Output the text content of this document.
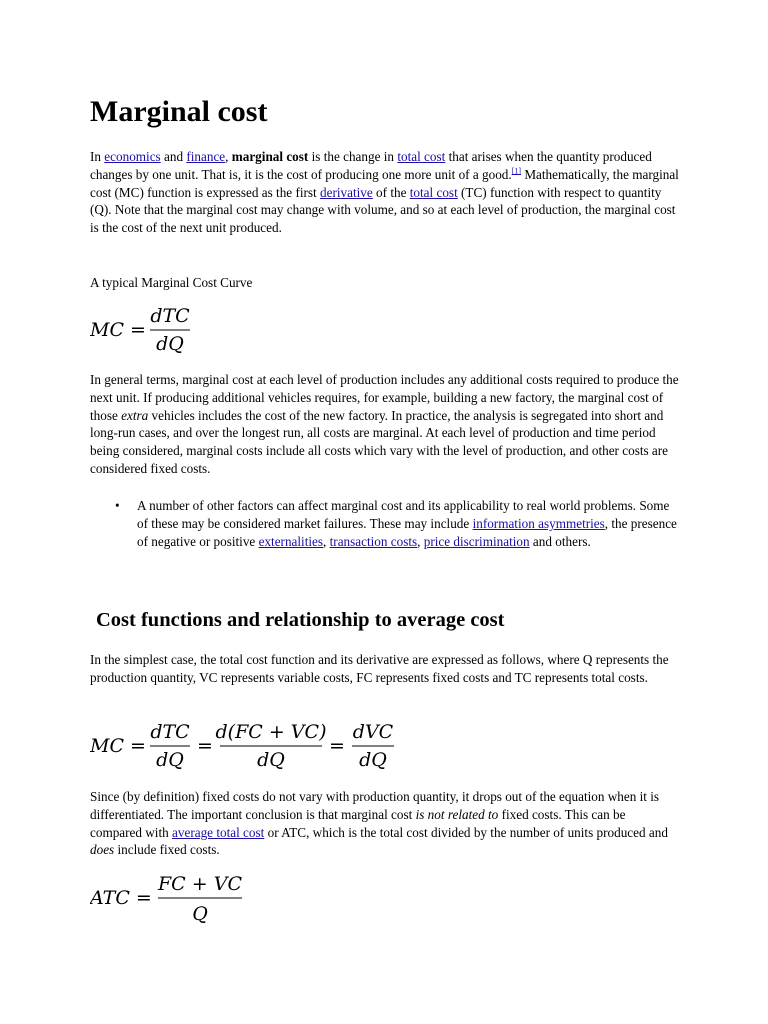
Marginal cost

In economics and finance, marginal cost is the change in total cost that arises when the quantity produced changes by one unit. That is, it is the cost of producing one more unit of a good.[1] Mathematically, the marginal cost (MC) function is expressed as the first derivative of the total cost (TC) function with respect to quantity (Q). Note that the marginal cost may change with volume, and so at each level of production, the marginal cost is the cost of the next unit produced.

A typical Marginal Cost Curve

MC =
dTC
dQ

In general terms, marginal cost at each level of production includes any additional costs required to produce the next unit. If producing additional vehicles requires, for example, building a new factory, the marginal cost of those extra vehicles includes the cost of the new factory. In practice, the analysis is segregated into short and long-run cases, and over the longest run, all costs are marginal. At each level of production and time period being considered, marginal costs include all costs which vary with the level of production, and other costs are considered fixed costs.

• A number of other factors can affect marginal cost and its applicability to real world problems. Some of these may be considered market failures. These may include information asymmetries, the presence of negative or positive externalities, transaction costs, price discrimination and others.
Cost functions and relationship to average cost

In the simplest case, the total cost function and its derivative are expressed as follows, where Q represents the production quantity, VC represents variable costs, FC represents fixed costs and TC represents total costs.

MC =
dTC
dQ
=
d(FC + VC)
dQ
=
dVC
dQ

Since (by definition) fixed costs do not vary with production quantity, it drops out of the equation when it is differentiated. The important conclusion is that marginal cost is not related to fixed costs. This can be compared with average total cost or ATC, which is the total cost divided by the number of units produced and does include fixed costs.

ATC =
FC + VC
Q
